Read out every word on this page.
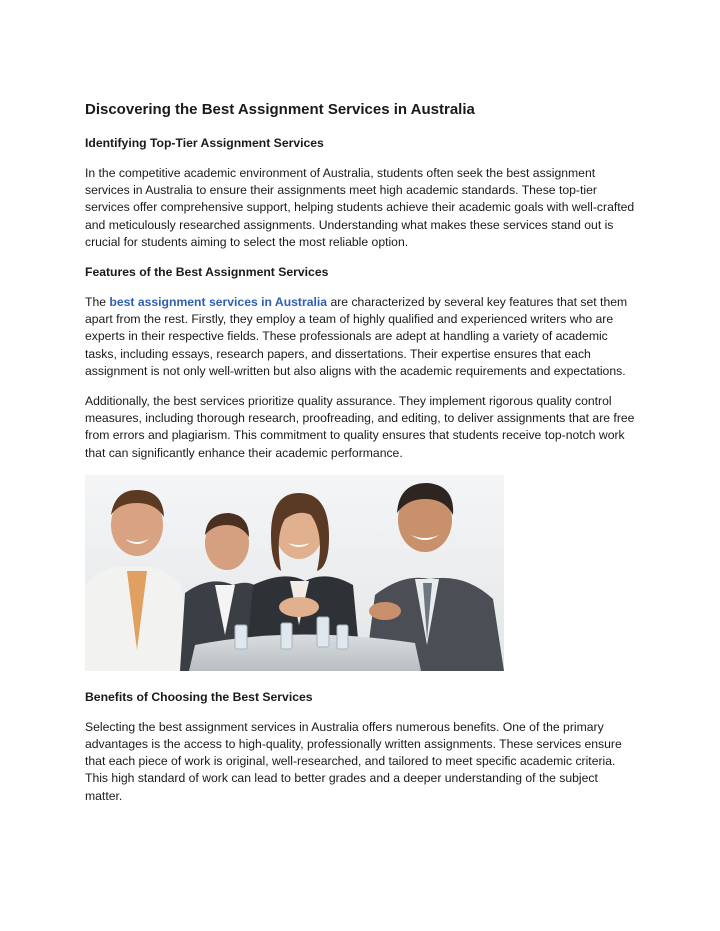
Discovering the Best Assignment Services in Australia
Identifying Top-Tier Assignment Services

In the competitive academic environment of Australia, students often seek the best assignment services in Australia to ensure their assignments meet high academic standards. These top-tier services offer comprehensive support, helping students achieve their academic goals with well-crafted and meticulously researched assignments. Understanding what makes these services stand out is crucial for students aiming to select the most reliable option.

Features of the Best Assignment Services

The best assignment services in Australia are characterized by several key features that set them apart from the rest. Firstly, they employ a team of highly qualified and experienced writers who are experts in their respective fields. These professionals are adept at handling a variety of academic tasks, including essays, research papers, and dissertations. Their expertise ensures that each assignment is not only well-written but also aligns with the academic requirements and expectations.

Additionally, the best services prioritize quality assurance. They implement rigorous quality control measures, including thorough research, proofreading, and editing, to deliver assignments that are free from errors and plagiarism. This commitment to quality ensures that students receive top-notch work that can significantly enhance their academic performance.

Benefits of Choosing the Best Services

Selecting the best assignment services in Australia offers numerous benefits. One of the primary advantages is the access to high-quality, professionally written assignments. These services ensure that each piece of work is original, well-researched, and tailored to meet specific academic criteria. This high standard of work can lead to better grades and a deeper understanding of the subject matter.
